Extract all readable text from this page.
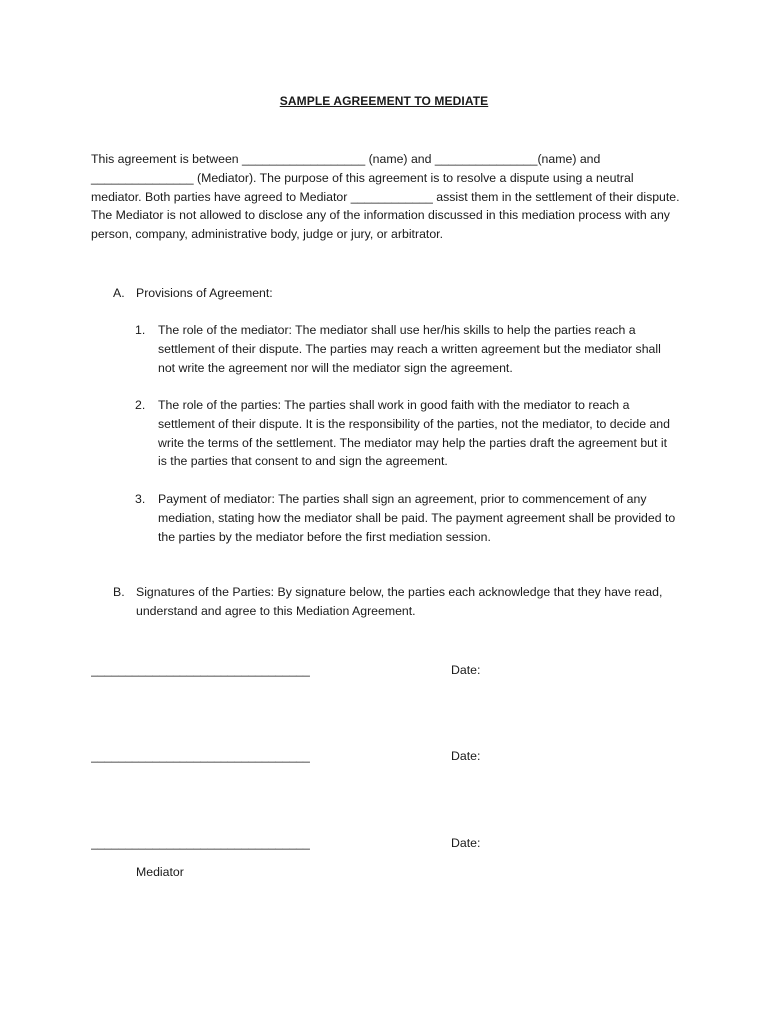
SAMPLE AGREEMENT TO MEDIATE
This agreement is between __________________ (name) and _______________(name) and _______________ (Mediator). The purpose of this agreement is to resolve a dispute using a neutral mediator. Both parties have agreed to Mediator ____________ assist them in the settlement of their dispute. The Mediator is not allowed to disclose any of the information discussed in this mediation process with any person, company, administrative body, judge or jury, or arbitrator.
A. Provisions of Agreement:
1. The role of the mediator: The mediator shall use her/his skills to help the parties reach a settlement of their dispute. The parties may reach a written agreement but the mediator shall not write the agreement nor will the mediator sign the agreement.
2. The role of the parties: The parties shall work in good faith with the mediator to reach a settlement of their dispute. It is the responsibility of the parties, not the mediator, to decide and write the terms of the settlement. The mediator may help the parties draft the agreement but it is the parties that consent to and sign the agreement.
3. Payment of mediator: The parties shall sign an agreement, prior to commencement of any mediation, stating how the mediator shall be paid. The payment agreement shall be provided to the parties by the mediator before the first mediation session.
B. Signatures of the Parties: By signature below, the parties each acknowledge that they have read, understand and agree to this Mediation Agreement.
________________________________	Date:
________________________________	Date:
________________________________	Date:
Mediator
